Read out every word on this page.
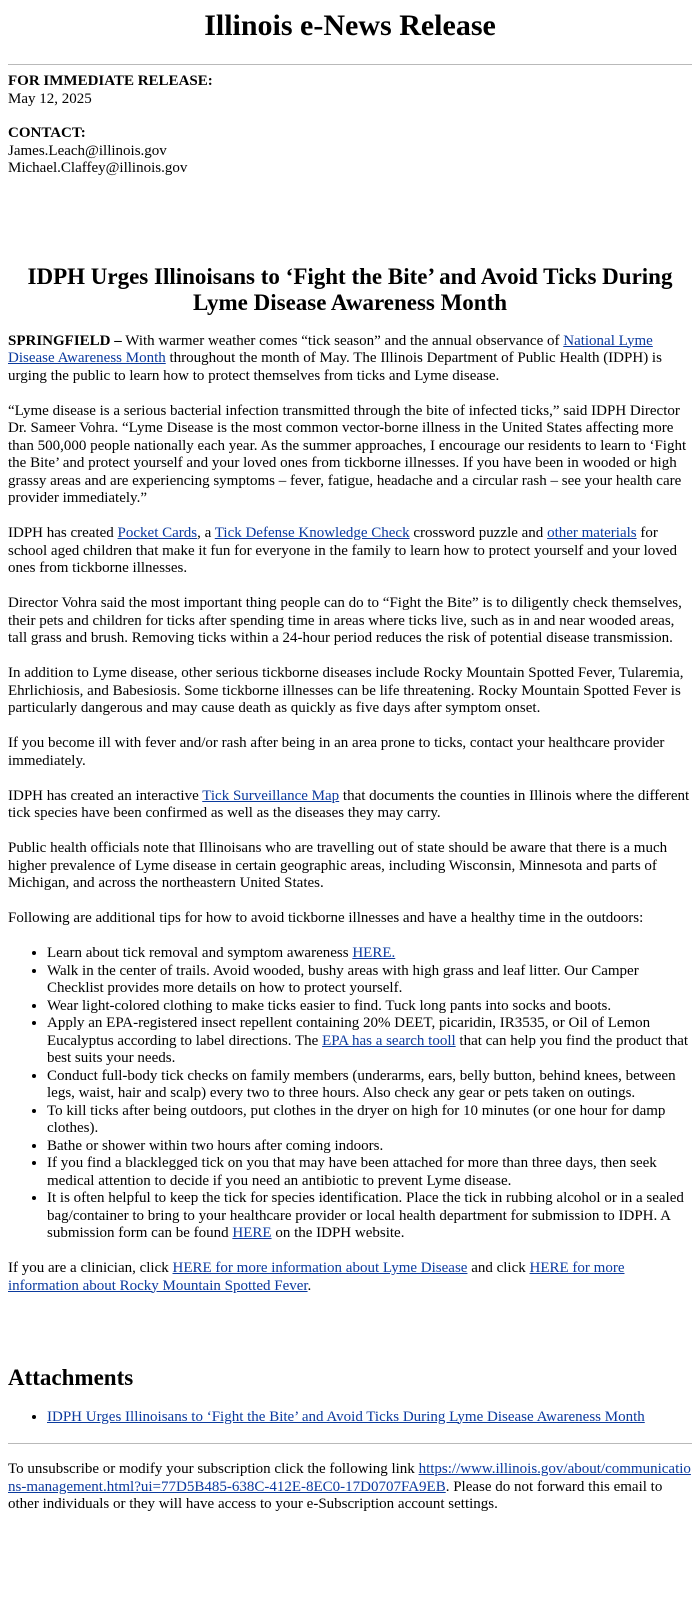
Illinois e-News Release

FOR IMMEDIATE RELEASE:

May 12, 2025

CONTACT:

James.Leach@illinois.gov

Michael.Claffey@illinois.gov

IDPH Urges Illinoisans to ‘Fight the Bite’ and Avoid Ticks During Lyme Disease Awareness Month

SPRINGFIELD – With warmer weather comes “tick season” and the annual observance of National Lyme Disease Awareness Month throughout the month of May. The Illinois Department of Public Health (IDPH) is urging the public to learn how to protect themselves from ticks and Lyme disease.

“Lyme disease is a serious bacterial infection transmitted through the bite of infected ticks,” said IDPH Director Dr. Sameer Vohra. “Lyme Disease is the most common vector-borne illness in the United States affecting more than 500,000 people nationally each year. As the summer approaches, I encourage our residents to learn to ‘Fight the Bite’ and protect yourself and your loved ones from tickborne illnesses. If you have been in wooded or high grassy areas and are experiencing symptoms – fever, fatigue, headache and a circular rash – see your health care provider immediately.”

IDPH has created Pocket Cards, a Tick Defense Knowledge Check crossword puzzle and other materials for school aged children that make it fun for everyone in the family to learn how to protect yourself and your loved ones from tickborne illnesses.

Director Vohra said the most important thing people can do to “Fight the Bite” is to diligently check themselves, their pets and children for ticks after spending time in areas where ticks live, such as in and near wooded areas, tall grass and brush. Removing ticks within a 24-hour period reduces the risk of potential disease transmission.

In addition to Lyme disease, other serious tickborne diseases include Rocky Mountain Spotted Fever, Tularemia, Ehrlichiosis, and Babesiosis. Some tickborne illnesses can be life threatening. Rocky Mountain Spotted Fever is particularly dangerous and may cause death as quickly as five days after symptom onset.

If you become ill with fever and/or rash after being in an area prone to ticks, contact your healthcare provider immediately.

IDPH has created an interactive Tick Surveillance Map that documents the counties in Illinois where the different tick species have been confirmed as well as the diseases they may carry.

Public health officials note that Illinoisans who are travelling out of state should be aware that there is a much higher prevalence of Lyme disease in certain geographic areas, including Wisconsin, Minnesota and parts of Michigan, and across the northeastern United States.

Following are additional tips for how to avoid tickborne illnesses and have a healthy time in the outdoors:

• Learn about tick removal and symptom awareness HERE.
• Walk in the center of trails. Avoid wooded, bushy areas with high grass and leaf litter. Our Camper Checklist provides more details on how to protect yourself.
• Wear light-colored clothing to make ticks easier to find. Tuck long pants into socks and boots.
• Apply an EPA-registered insect repellent containing 20% DEET, picaridin, IR3535, or Oil of Lemon Eucalyptus according to label directions. The EPA has a search tooll that can help you find the product that best suits your needs.
• Conduct full-body tick checks on family members (underarms, ears, belly button, behind knees, between legs, waist, hair and scalp) every two to three hours. Also check any gear or pets taken on outings.
• To kill ticks after being outdoors, put clothes in the dryer on high for 10 minutes (or one hour for damp clothes).
• Bathe or shower within two hours after coming indoors.
• If you find a blacklegged tick on you that may have been attached for more than three days, then seek medical attention to decide if you need an antibiotic to prevent Lyme disease.
• It is often helpful to keep the tick for species identification. Place the tick in rubbing alcohol or in a sealed bag/container to bring to your healthcare provider or local health department for submission to IDPH. A submission form can be found HERE on the IDPH website.

If you are a clinician, click HERE for more information about Lyme Disease and click HERE for more information about Rocky Mountain Spotted Fever.

Attachments
• IDPH Urges Illinoisans to ‘Fight the Bite’ and Avoid Ticks During Lyme Disease Awareness Month

To unsubscribe or modify your subscription click the following link https://www.illinois.gov/about/communications-management.html?ui=77D5B485-638C-412E-8EC0-17D0707FA9EB. Please do not forward this email to other individuals or they will have access to your e-Subscription account settings.
